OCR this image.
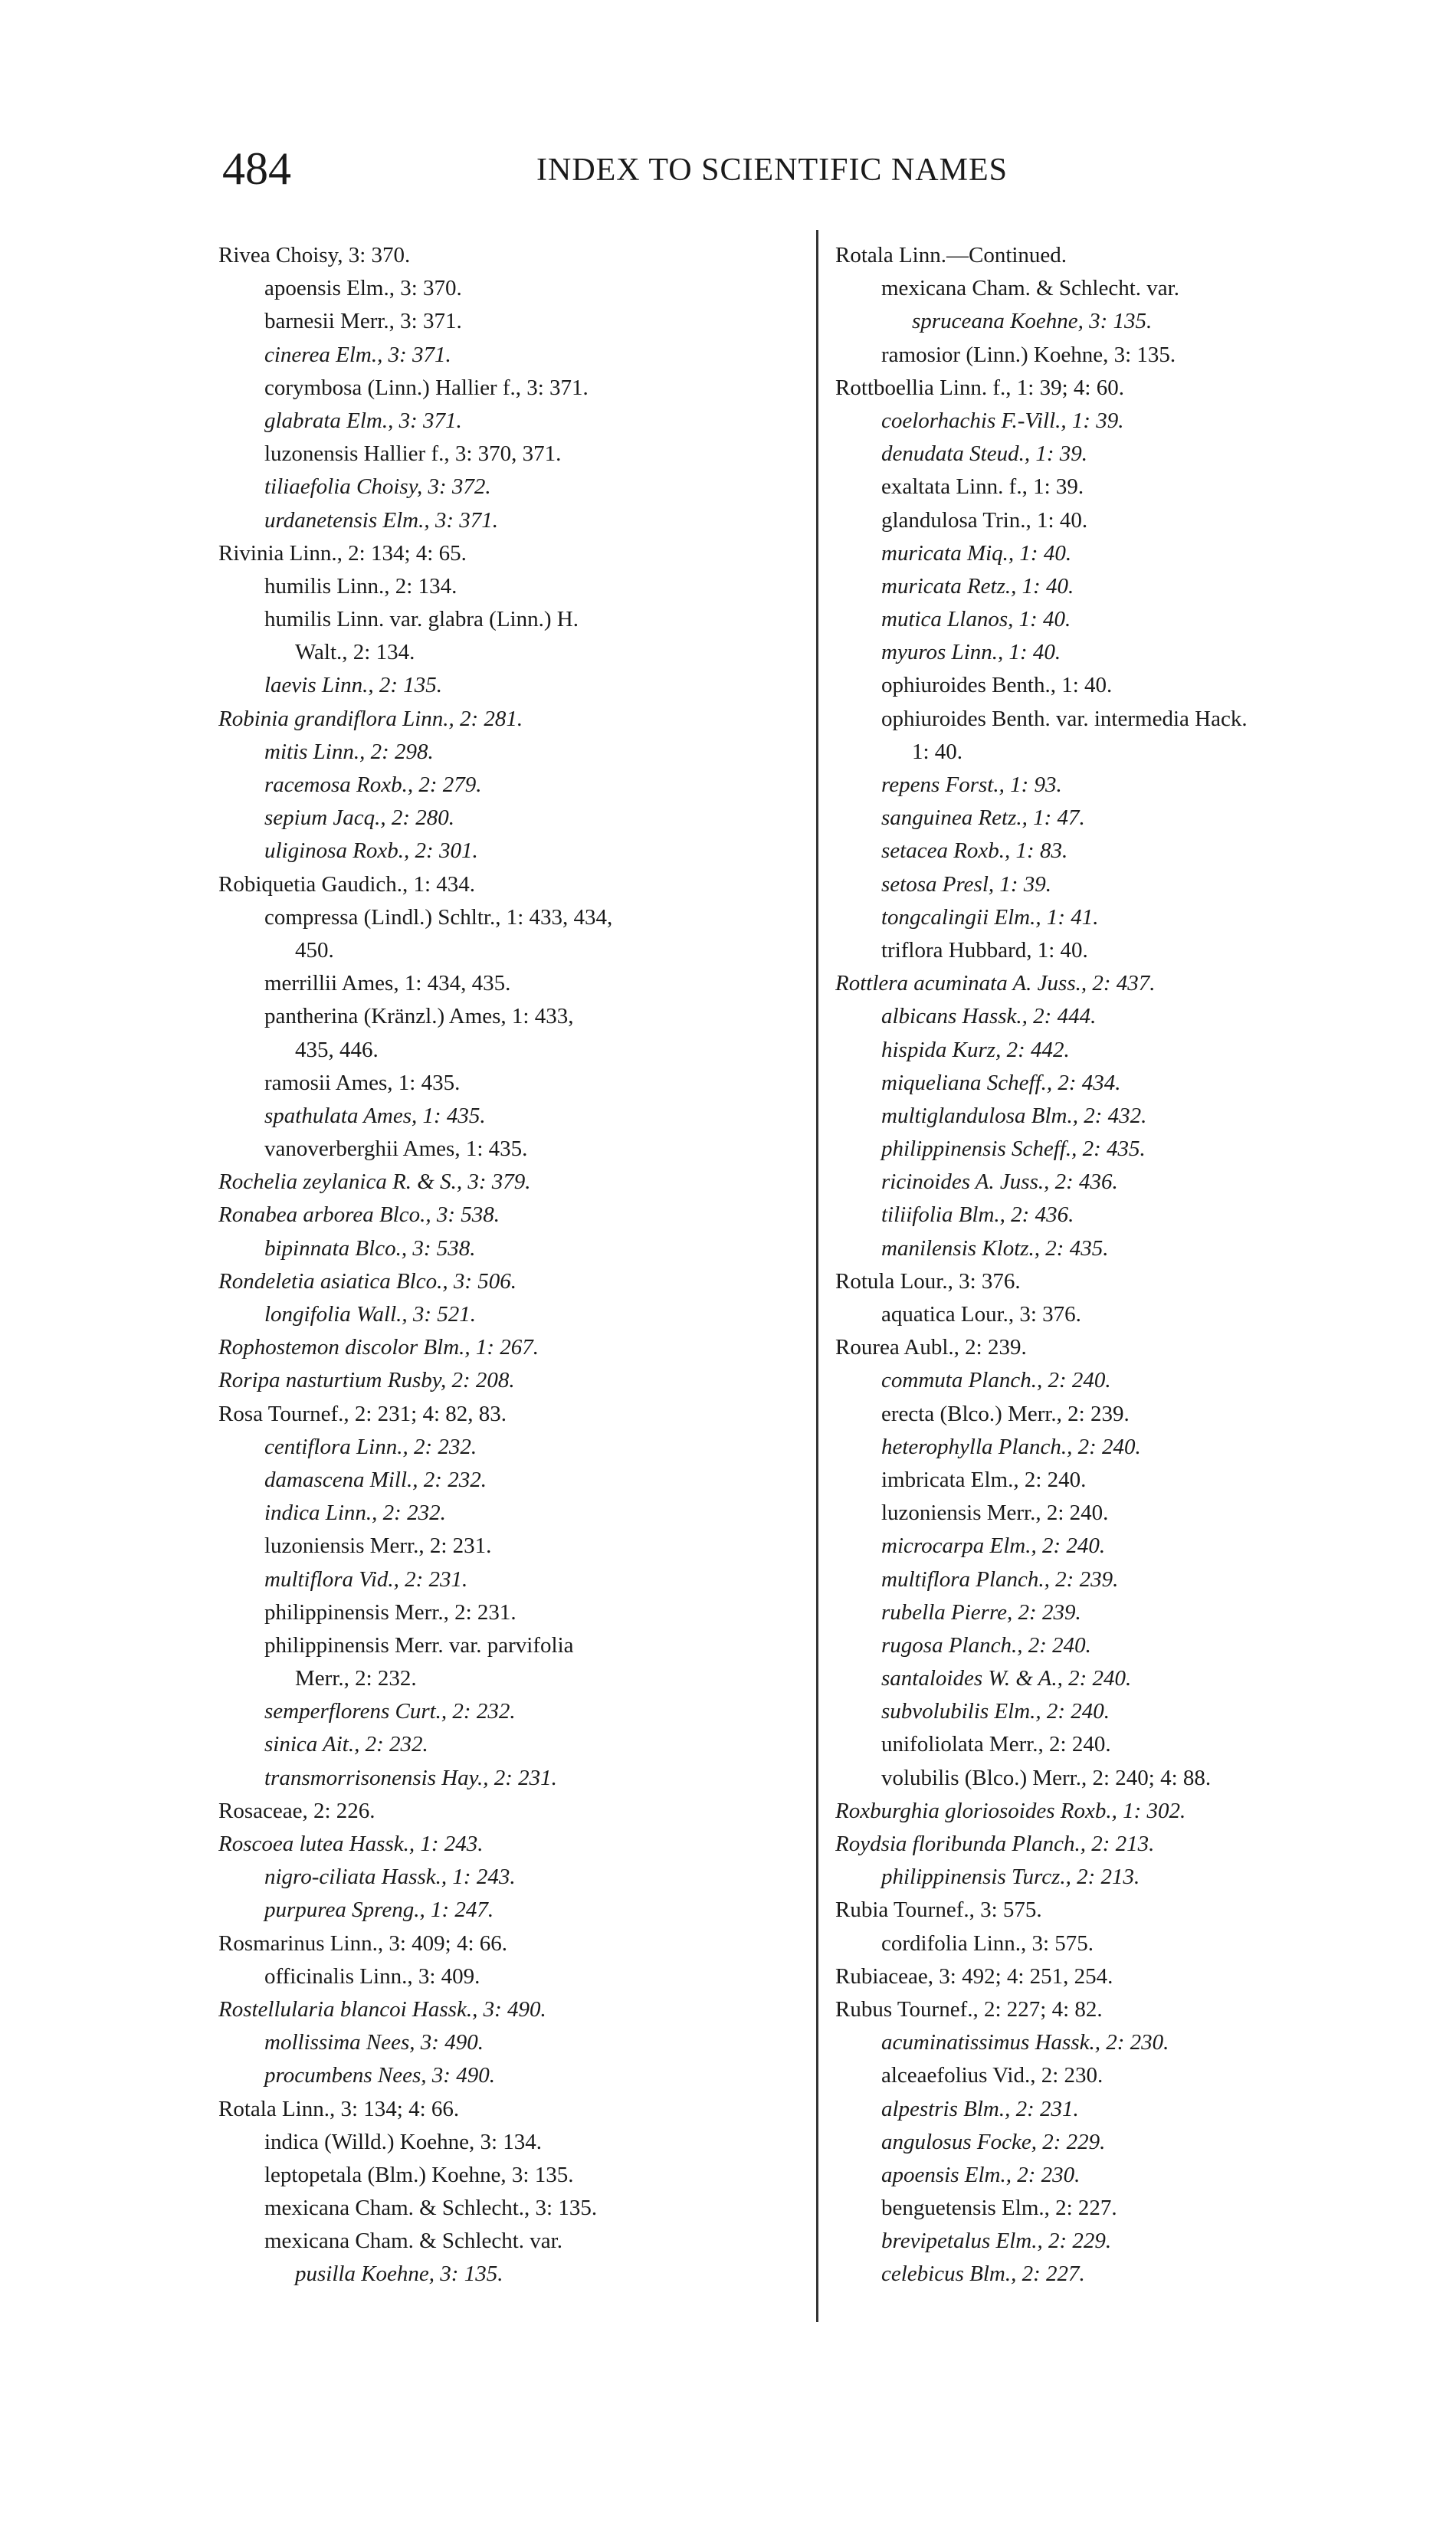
484	INDEX TO SCIENTIFIC NAMES
Rivea Choisy, 3: 370.
apoensis Elm., 3: 370.
barnesii Merr., 3: 371.
cinerea Elm., 3: 371.
corymbosa (Linn.) Hallier f., 3: 371.
glabrata Elm., 3: 371.
luzonensis Hallier f., 3: 370, 371.
tiliaefolia Choisy, 3: 372.
urdanetensis Elm., 3: 371.
Rivinia Linn., 2: 134; 4: 65.
humilis Linn., 2: 134.
humilis Linn. var. glabra (Linn.) H.
Walt., 2: 134.
laevis Linn., 2: 135.
Robinia grandiflora Linn., 2: 281.
mitis Linn., 2: 298.
racemosa Roxb., 2: 279.
sepium Jacq., 2: 280.
uliginosa Roxb., 2: 301.
Robiquetia Gaudich., 1: 434.
compressa (Lindl.) Schltr., 1: 433, 434,
450.
merrillii Ames, 1: 434, 435.
pantherina (Kränzl.) Ames, 1: 433,
435, 446.
ramosii Ames, 1: 435.
spathulata Ames, 1: 435.
vanoverberghii Ames, 1: 435.
Rochelia zeylanica R. & S., 3: 379.
Ronabea arborea Blco., 3: 538.
bipinnata Blco., 3: 538.
Rondeletia asiatica Blco., 3: 506.
longifolia Wall., 3: 521.
Rophostemon discolor Blm., 1: 267.
Roripa nasturtium Rusby, 2: 208.
Rosa Tournef., 2: 231; 4: 82, 83.
centiflora Linn., 2: 232.
damascena Mill., 2: 232.
indica Linn., 2: 232.
luzoniensis Merr., 2: 231.
multiflora Vid., 2: 231.
philippinensis Merr., 2: 231.
philippinensis Merr. var. parvifolia
Merr., 2: 232.
semperflorens Curt., 2: 232.
sinica Ait., 2: 232.
transmorrisonensis Hay., 2: 231.
Rosaceae, 2: 226.
Roscoea lutea Hassk., 1: 243.
nigro-ciliata Hassk., 1: 243.
purpurea Spreng., 1: 247.
Rosmarinus Linn., 3: 409; 4: 66.
officinalis Linn., 3: 409.
Rostellularia blancoi Hassk., 3: 490.
mollissima Nees, 3: 490.
procumbens Nees, 3: 490.
Rotala Linn., 3: 134; 4: 66.
indica (Willd.) Koehne, 3: 134.
leptopetala (Blm.) Koehne, 3: 135.
mexicana Cham. & Schlecht., 3: 135.
mexicana Cham. & Schlecht. var.
pusilla Koehne, 3: 135.
Rotala Linn.—Continued.
mexicana Cham. & Schlecht. var.
spruceana Koehne, 3: 135.
ramosior (Linn.) Koehne, 3: 135.
Rottboellia Linn. f., 1: 39; 4: 60.
coelorhachis F.-Vill., 1: 39.
denudata Steud., 1: 39.
exaltata Linn. f., 1: 39.
glandulosa Trin., 1: 40.
muricata Miq., 1: 40.
muricata Retz., 1: 40.
mutica Llanos, 1: 40.
myuros Linn., 1: 40.
ophiuroides Benth., 1: 40.
ophiuroides Benth. var. intermedia Hack.
1: 40.
repens Forst., 1: 93.
sanguinea Retz., 1: 47.
setacea Roxb., 1: 83.
setosa Presl, 1: 39.
tongcalingii Elm., 1: 41.
triflora Hubbard, 1: 40.
Rottlera acuminata A. Juss., 2: 437.
albicans Hassk., 2: 444.
hispida Kurz, 2: 442.
miqueliana Scheff., 2: 434.
multiglandulosa Blm., 2: 432.
philippinensis Scheff., 2: 435.
ricinoides A. Juss., 2: 436.
tiliifolia Blm., 2: 436.
manilensis Klotz., 2: 435.
Rotula Lour., 3: 376.
aquatica Lour., 3: 376.
Rourea Aubl., 2: 239.
commuta Planch., 2: 240.
erecta (Blco.) Merr., 2: 239.
heterophylla Planch., 2: 240.
imbricata Elm., 2: 240.
luzoniensis Merr., 2: 240.
microcarpa Elm., 2: 240.
multiflora Planch., 2: 239.
rubella Pierre, 2: 239.
rugosa Planch., 2: 240.
santaloides W. & A., 2: 240.
subvolubilis Elm., 2: 240.
unifoliolata Merr., 2: 240.
volubilis (Blco.) Merr., 2: 240; 4: 88.
Roxburghia gloriosoides Roxb., 1: 302.
Roydsia floribunda Planch., 2: 213.
philippinensis Turcz., 2: 213.
Rubia Tournef., 3: 575.
cordifolia Linn., 3: 575.
Rubiaceae, 3: 492; 4: 251, 254.
Rubus Tournef., 2: 227; 4: 82.
acuminatissimus Hassk., 2: 230.
alceaefolius Vid., 2: 230.
alpestris Blm., 2: 231.
angulosus Focke, 2: 229.
apoensis Elm., 2: 230.
benguetensis Elm., 2: 227.
brevipetalus Elm., 2: 229.
celebicus Blm., 2: 227.
